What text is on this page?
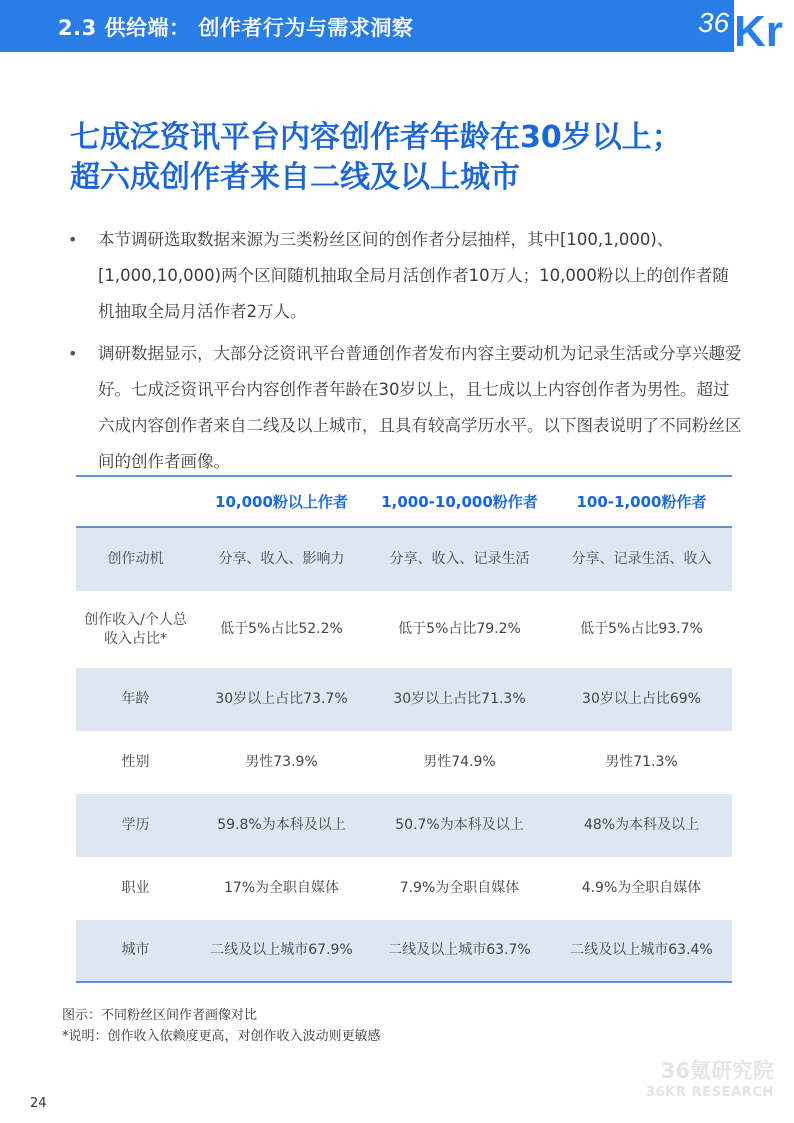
2.3 供给端： 创作者行为与需求洞察	36 Kr
七成泛资讯平台内容创作者年龄在30岁以上；
超六成创作者来自二线及以上城市
• 本节调研选取数据来源为三类粉丝区间的创作者分层抽样，其中[100,1,000)、[1,000,10,000)两个区间随机抽取全局月活创作者10万人；10,000粉以上的创作者随机抽取全局月活作者2万人。
• 调研数据显示，大部分泛资讯平台普通创作者发布内容主要动机为记录生活或分享兴趣爱好。七成泛资讯平台内容创作者年龄在30岁以上，且七成以上内容创作者为男性。超过六成内容创作者来自二线及以上城市，且具有较高学历水平。以下图表说明了不同粉丝区间的创作者画像。
	10,000粉以上作者	1,000-10,000粉作者	100-1,000粉作者
创作动机	分享、收入、影响力	分享、收入、记录生活	分享、记录生活、收入
创作收入/个人总收入占比*	低于5%占比52.2%	低于5%占比79.2%	低于5%占比93.7%
年龄	30岁以上占比73.7%	30岁以上占比71.3%	30岁以上占比69%
性别	男性73.9%	男性74.9%	男性71.3%
学历	59.8%为本科及以上	50.7%为本科及以上	48%为本科及以上
职业	17%为全职自媒体	7.9%为全职自媒体	4.9%为全职自媒体
城市	二线及以上城市67.9%	二线及以上城市63.7%	二线及以上城市63.4%
图示：不同粉丝区间作者画像对比
*说明：创作收入依赖度更高，对创作收入波动则更敏感
24
36氪研究院
36KR RESEARCH
